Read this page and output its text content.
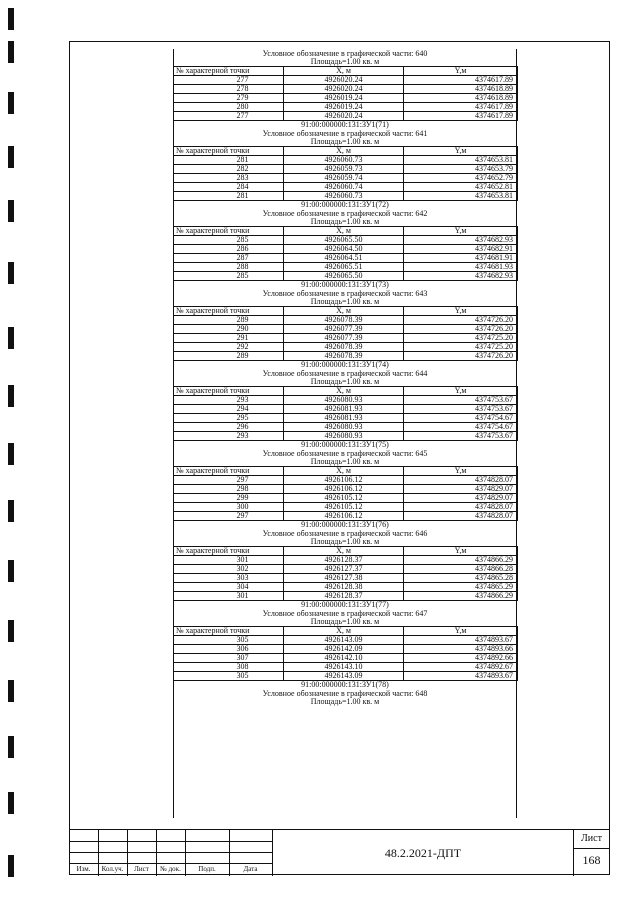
Условное обозначение в графической части: 640
Площадь=1.00 кв. м
№ характерной точки	Х, м	Y,м
277	4926020.24	4374617.89
278	4926020.24	4374618.89
279	4926019.24	4374618.89
280	4926019.24	4374617.89
277	4926020.24	4374617.89
91:00:000000:131:ЗУ1(71)
Условное обозначение в графической части: 641
Площадь=1.00 кв. м
№ характерной точки	Х, м	Y,м
281	4926060.73	4374653.81
282	4926059.73	4374653.79
283	4926059.74	4374652.79
284	4926060.74	4374652.81
281	4926060.73	4374653.81
91:00:000000:131:ЗУ1(72)
Условное обозначение в графической части: 642
Площадь=1.00 кв. м
№ характерной точки	Х, м	Y,м
285	4926065.50	4374682.93
286	4926064.50	4374682.91
287	4926064.51	4374681.91
288	4926065.51	4374681.93
285	4926065.50	4374682.93
91:00:000000:131:ЗУ1(73)
Условное обозначение в графической части: 643
Площадь=1.00 кв. м
№ характерной точки	Х, м	Y,м
289	4926078.39	4374726.20
290	4926077.39	4374726.20
291	4926077.39	4374725.20
292	4926078.39	4374725.20
289	4926078.39	4374726.20
91:00:000000:131:ЗУ1(74)
Условное обозначение в графической части: 644
Площадь=1.00 кв. м
№ характерной точки	Х, м	Y,м
293	4926080.93	4374753.67
294	4926081.93	4374753.67
295	4926081.93	4374754.67
296	4926080.93	4374754.67
293	4926080.93	4374753.67
91:00:000000:131:ЗУ1(75)
Условное обозначение в графической части: 645
Площадь=1.00 кв. м
№ характерной точки	Х, м	Y,м
297	4926106.12	4374828.07
298	4926106.12	4374829.07
299	4926105.12	4374829.07
300	4926105.12	4374828.07
297	4926106.12	4374828.07
91:00:000000:131:ЗУ1(76)
Условное обозначение в графической части: 646
Площадь=1.00 кв. м
№ характерной точки	Х, м	Y,м
301	4926128.37	4374866.29
302	4926127.37	4374866.28
303	4926127.38	4374865.28
304	4926128.38	4374865.29
301	4926128.37	4374866.29
91:00:000000:131:ЗУ1(77)
Условное обозначение в графической части: 647
Площадь=1.00 кв. м
№ характерной точки	Х, м	Y,м
305	4926143.09	4374893.67
306	4926142.09	4374893.66
307	4926142.10	4374892.66
308	4926143.10	4374892.67
305	4926143.09	4374893.67
91:00:000000:131:ЗУ1(78)
Условное обозначение в графической части: 648
Площадь=1.00 кв. м
Изм.	Кол.уч.	Лист	№ док.	Подп.	Дата
48.2.2021-ДПТ
Лист
168
